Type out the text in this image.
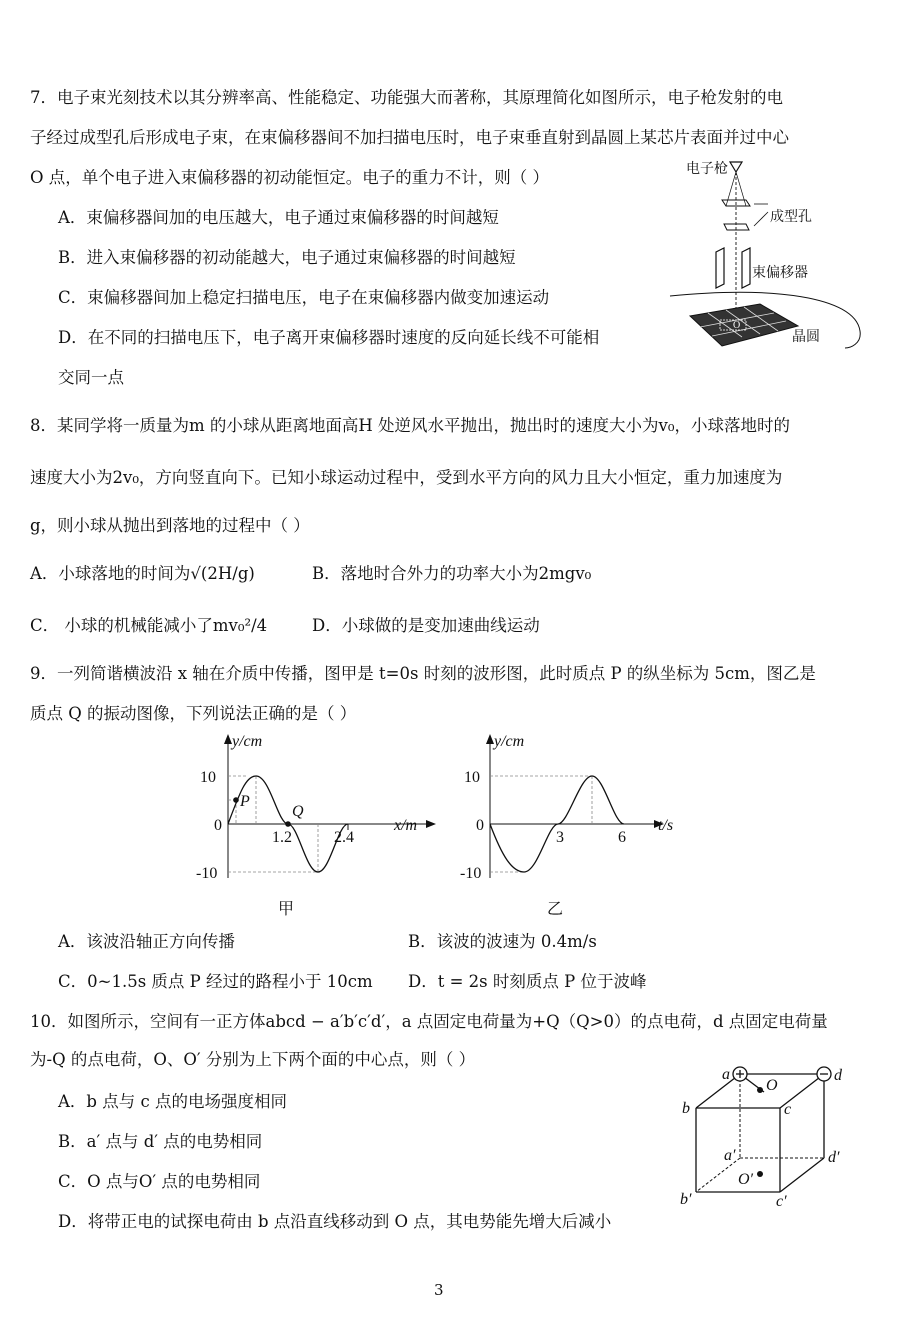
7．电子束光刻技术以其分辨率高、性能稳定、功能强大而著称，其原理简化如图所示，电子枪发射的电
子经过成型孔后形成电子束，在束偏移器间不加扫描电压时，电子束垂直射到晶圆上某芯片表面并过中心
O 点，单个电子进入束偏移器的初动能恒定。电子的重力不计，则（ ）
A．束偏移器间加的电压越大，电子通过束偏移器的时间越短
B．进入束偏移器的初动能越大，电子通过束偏移器的时间越短
C．束偏移器间加上稳定扫描电压，电子在束偏移器内做变加速运动
D．在不同的扫描电压下，电子离开束偏移器时速度的反向延长线不可能相
交同一点
O
电子枪
成型孔
束偏移器
晶圆
8．某同学将一质量为m 的小球从距离地面高H 处逆风水平抛出，抛出时的速度大小为v₀，小球落地时的
速度大小为2v₀，方向竖直向下。已知小球运动过程中，受到水平方向的风力且大小恒定，重力加速度为
g，则小球从抛出到落地的过程中（ ）
A．小球落地的时间为√(2H/g)	B．落地时合外力的功率大小为2mgv₀
C． 小球的机械能减小了mv₀²/4	D．小球做的是变加速曲线运动
9．一列简谐横波沿 x 轴在介质中传播，图甲是 t=0s 时刻的波形图，此时质点 P 的纵坐标为 5cm，图乙是
质点 Q 的振动图像，下列说法正确的是（ ）
y/cm
x/m
10
0
-10
1.2	2.4
P
Q
甲
y/cm
t/s
10
0
-10
3	6
乙
A．该波沿轴正方向传播	B．该波的波速为 0.4m/s
C．0~1.5s 质点 P 经过的路程小于 10cm D．t = 2s 时刻质点 P 位于波峰
10．如图所示，空间有一正方体abcd − a′b′c′d′，a 点固定电荷量为+Q（Q>0）的点电荷，d 点固定电荷量
为-Q 的点电荷，O、O′ 分别为上下两个面的中心点，则（ ）
A．b 点与 c 点的电场强度相同
B．a′ 点与 d′ 点的电势相同
C．O 点与O′ 点的电势相同
D．将带正电的试探电荷由 b 点沿直线移动到 O 点，其电势能先增大后减小
a	d
b	c
O
a′	d′
O′
b′	c′
3
